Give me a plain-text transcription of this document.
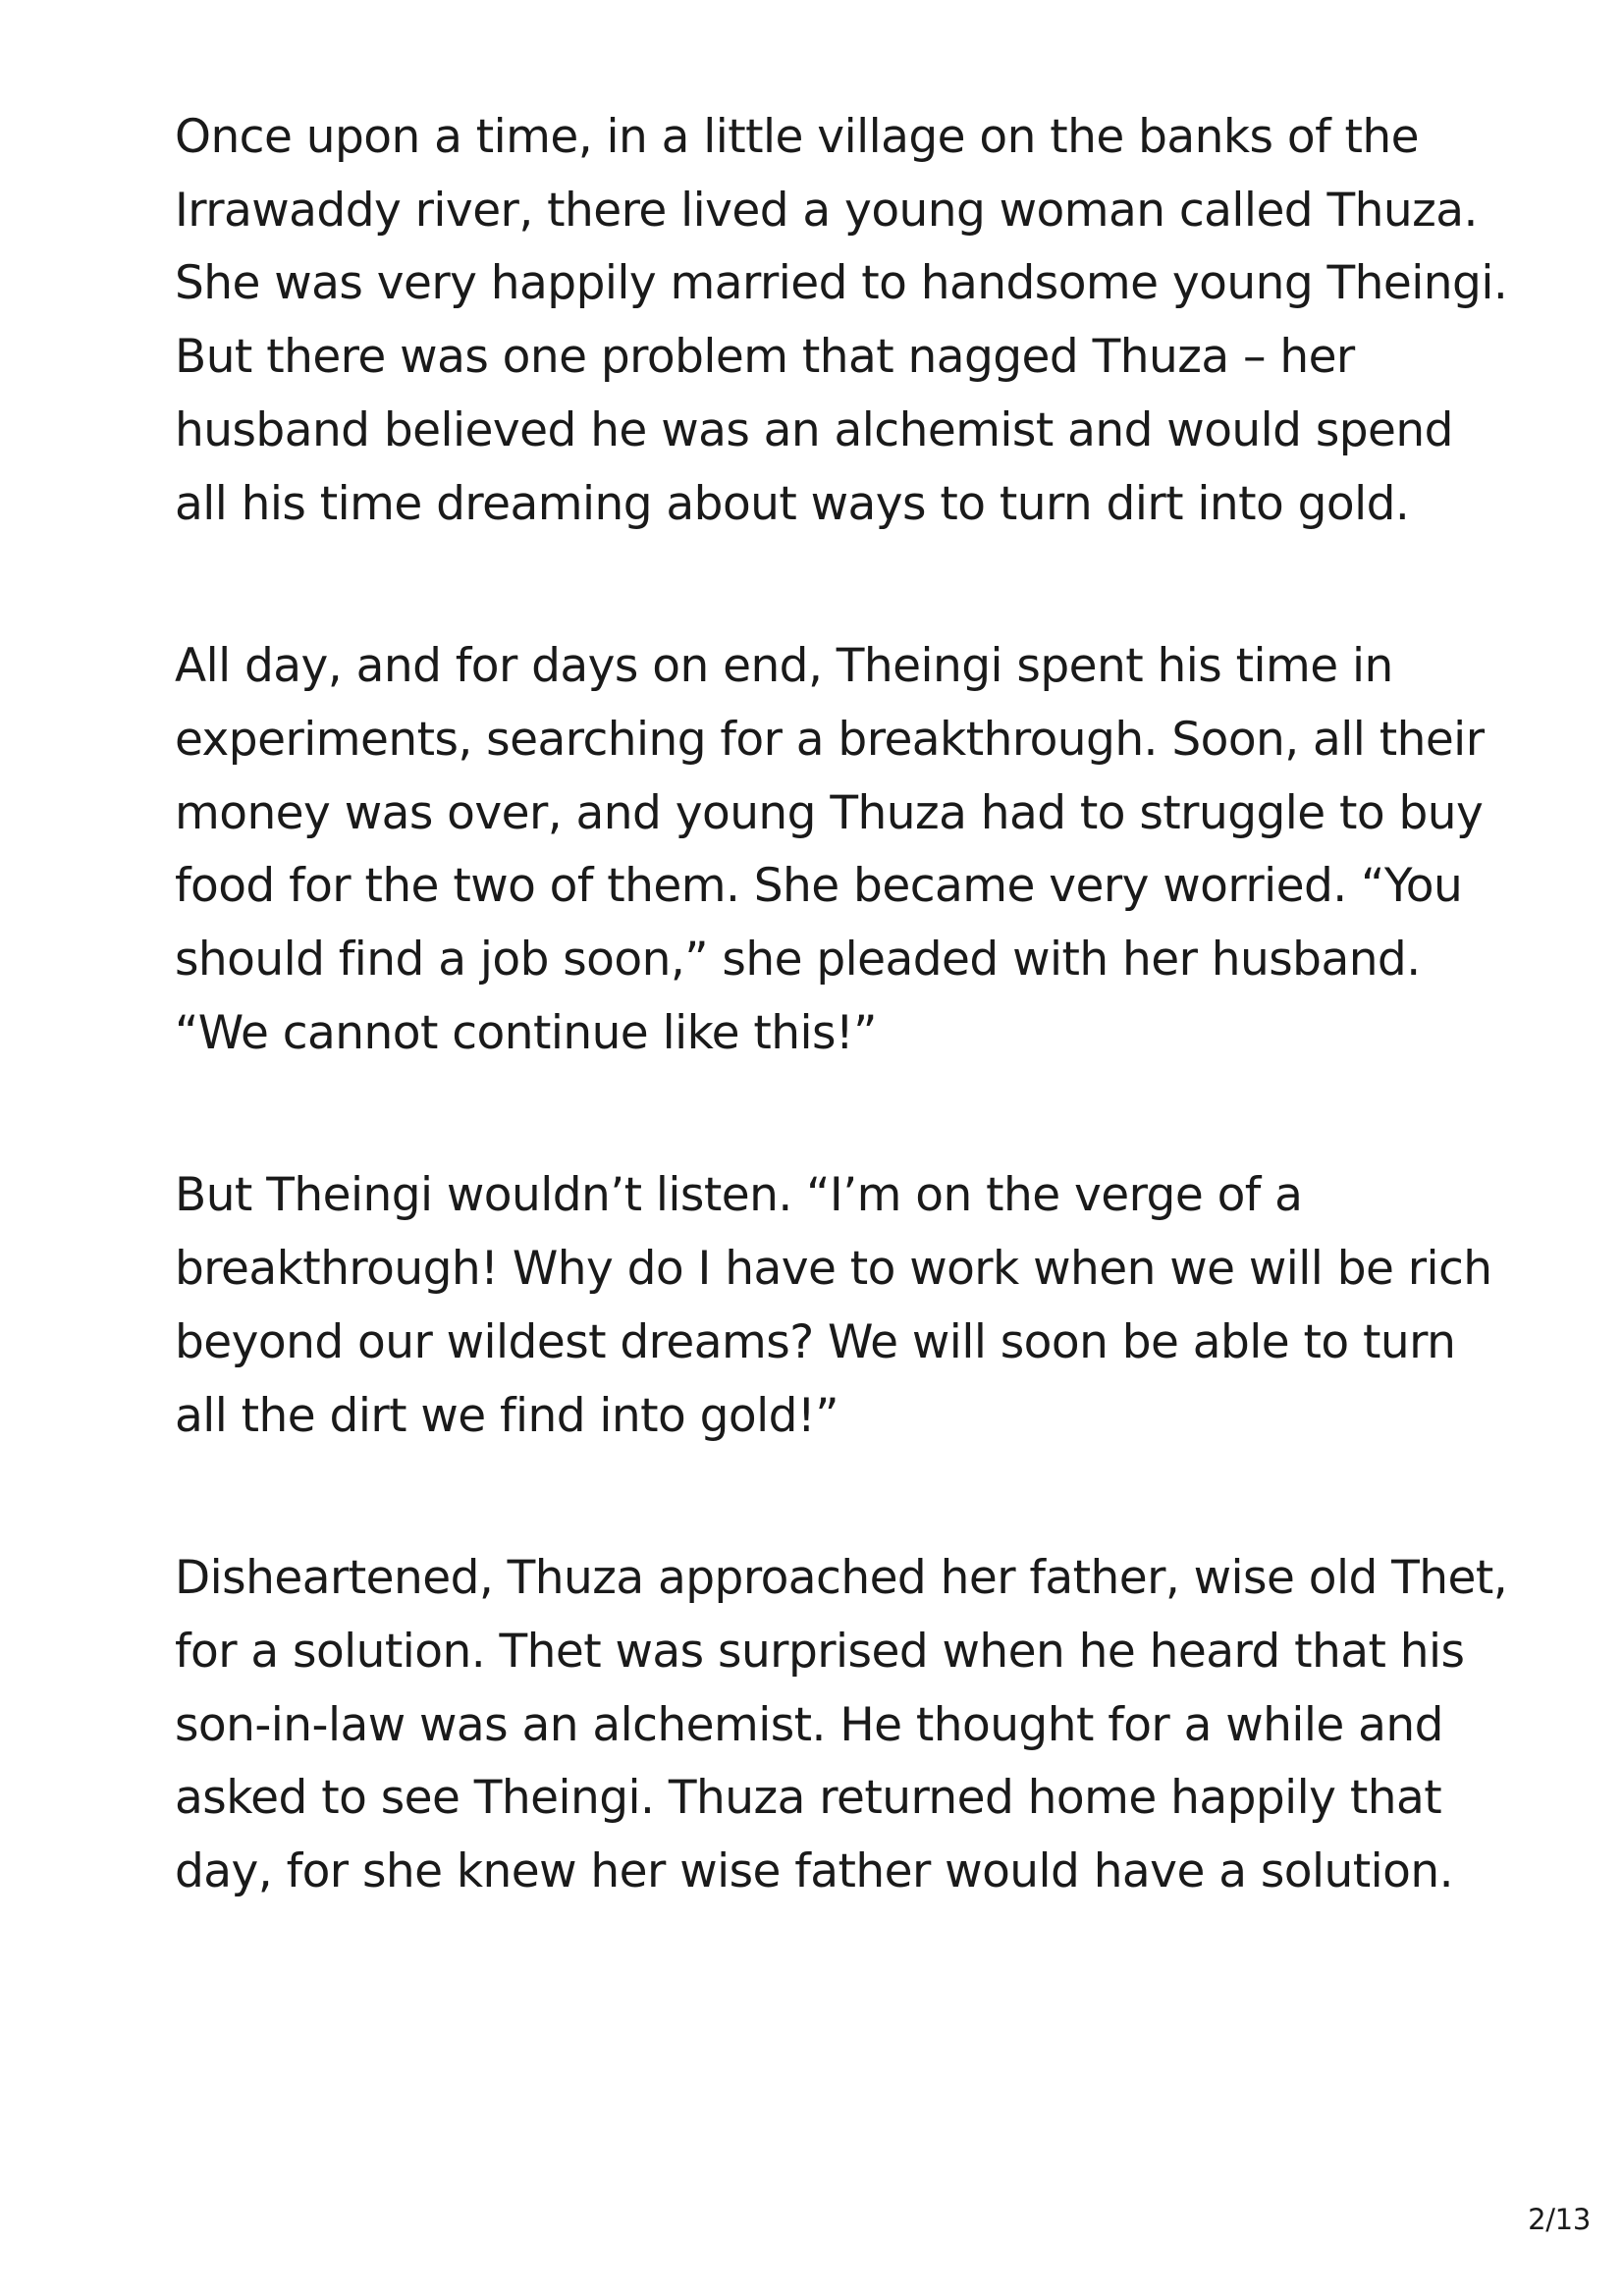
Once upon a time, in a little village on the banks of the
Irrawaddy river, there lived a young woman called Thuza.
She was very happily married to handsome young Theingi.
But there was one problem that nagged Thuza – her
husband believed he was an alchemist and would spend
all his time dreaming about ways to turn dirt into gold.

All day, and for days on end, Theingi spent his time in
experiments, searching for a breakthrough. Soon, all their
money was over, and young Thuza had to struggle to buy
food for the two of them. She became very worried. “You
should find a job soon,” she pleaded with her husband.
“We cannot continue like this!”

But Theingi wouldn’t listen. “I’m on the verge of a
breakthrough! Why do I have to work when we will be rich
beyond our wildest dreams? We will soon be able to turn
all the dirt we find into gold!”

Disheartened, Thuza approached her father, wise old Thet,
for a solution. Thet was surprised when he heard that his
son-in-law was an alchemist. He thought for a while and
asked to see Theingi. Thuza returned home happily that
day, for she knew her wise father would have a solution.

2/13
